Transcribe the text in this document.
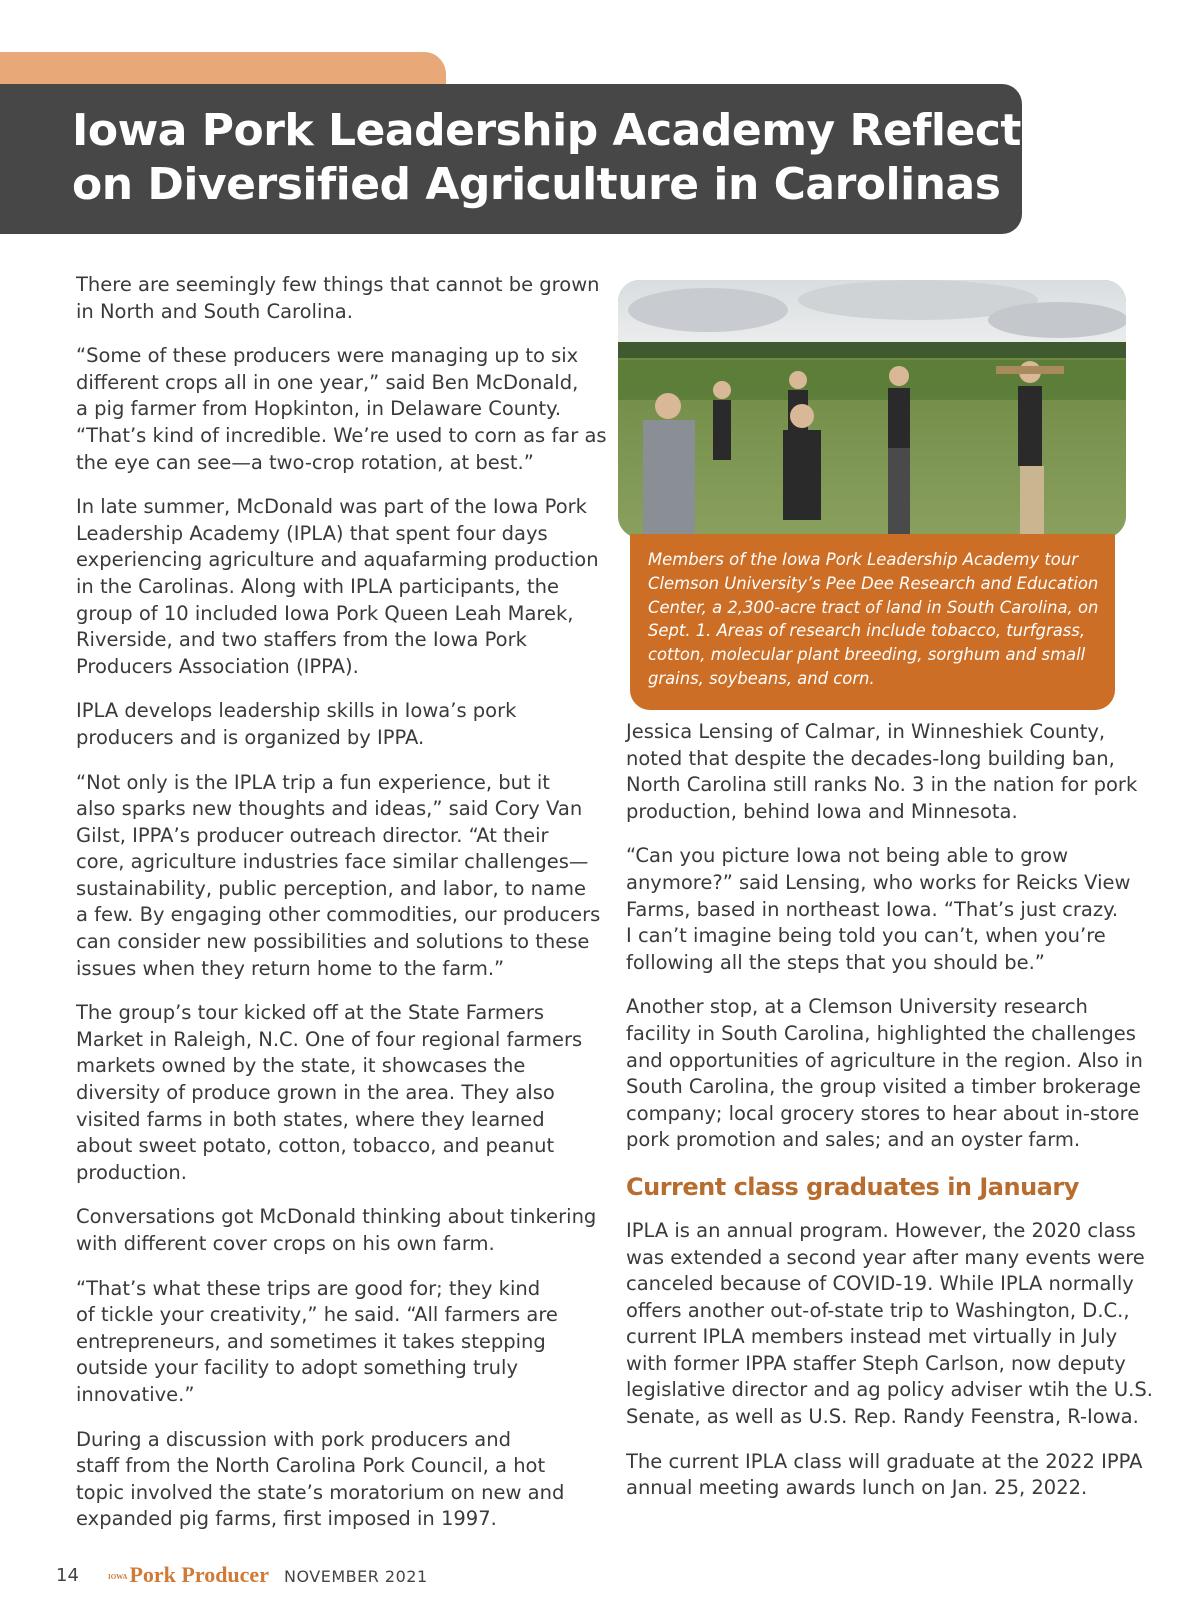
Iowa Pork Leadership Academy Reflects
on Diversified Agriculture in Carolinas

There are seemingly few things that cannot be grown
in North and South Carolina.

“Some of these producers were managing up to six
different crops all in one year,” said Ben McDonald,
a pig farmer from Hopkinton, in Delaware County.
“That’s kind of incredible. We’re used to corn as far as
the eye can see—a two-crop rotation, at best.”

In late summer, McDonald was part of the Iowa Pork
Leadership Academy (IPLA) that spent four days
experiencing agriculture and aquafarming production
in the Carolinas. Along with IPLA participants, the
group of 10 included Iowa Pork Queen Leah Marek,
Riverside, and two staffers from the Iowa Pork
Producers Association (IPPA).

IPLA develops leadership skills in Iowa’s pork
producers and is organized by IPPA.

“Not only is the IPLA trip a fun experience, but it
also sparks new thoughts and ideas,” said Cory Van
Gilst, IPPA’s producer outreach director. “At their
core, agriculture industries face similar challenges—
sustainability, public perception, and labor, to name
a few. By engaging other commodities, our producers
can consider new possibilities and solutions to these
issues when they return home to the farm.”

The group’s tour kicked off at the State Farmers
Market in Raleigh, N.C. One of four regional farmers
markets owned by the state, it showcases the
diversity of produce grown in the area. They also
visited farms in both states, where they learned
about sweet potato, cotton, tobacco, and peanut
production.

Conversations got McDonald thinking about tinkering
with different cover crops on his own farm.

“That’s what these trips are good for; they kind
of tickle your creativity,” he said. “All farmers are
entrepreneurs, and sometimes it takes stepping
outside your facility to adopt something truly
innovative.”

During a discussion with pork producers and
staff from the North Carolina Pork Council, a hot
topic involved the state’s moratorium on new and
expanded pig farms, first imposed in 1997.

Members of the Iowa Pork Leadership Academy tour
Clemson University’s Pee Dee Research and Education
Center, a 2,300-acre tract of land in South Carolina, on
Sept. 1. Areas of research include tobacco, turfgrass,
cotton, molecular plant breeding, sorghum and small
grains, soybeans, and corn.

Jessica Lensing of Calmar, in Winneshiek County,
noted that despite the decades-long building ban,
North Carolina still ranks No. 3 in the nation for pork
production, behind Iowa and Minnesota.

“Can you picture Iowa not being able to grow
anymore?” said Lensing, who works for Reicks View
Farms, based in northeast Iowa. “That’s just crazy.
I can’t imagine being told you can’t, when you’re
following all the steps that you should be.”

Another stop, at a Clemson University research
facility in South Carolina, highlighted the challenges
and opportunities of agriculture in the region. Also in
South Carolina, the group visited a timber brokerage
company; local grocery stores to hear about in-store
pork promotion and sales; and an oyster farm.

Current class graduates in January

IPLA is an annual program. However, the 2020 class
was extended a second year after many events were
canceled because of COVID-19. While IPLA normally
offers another out-of-state trip to Washington, D.C.,
current IPLA members instead met virtually in July
with former IPPA staffer Steph Carlson, now deputy
legislative director and ag policy adviser wtih the U.S.
Senate, as well as U.S. Rep. Randy Feenstra, R-Iowa.

The current IPLA class will graduate at the 2022 IPPA
annual meeting awards lunch on Jan. 25, 2022.

14	IOWAPork Producer NOVEMBER 2021
